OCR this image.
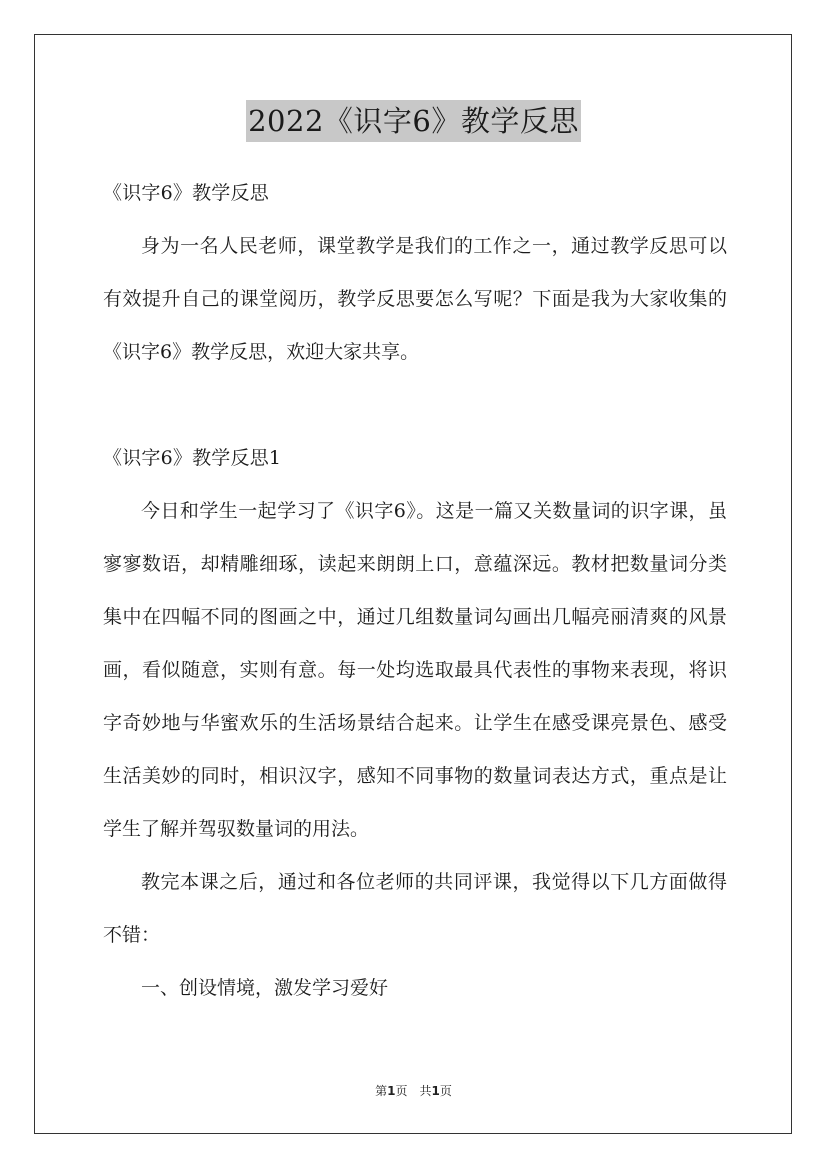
2022《识字6》教学反思

《识字6》教学反思

身为一名人民老师，课堂教学是我们的工作之一，通过教学反思可以有效提升自己的课堂阅历，教学反思要怎么写呢？下面是我为大家收集的《识字6》教学反思，欢迎大家共享。

《识字6》教学反思1

今日和学生一起学习了《识字6》。这是一篇又关数量词的识字课，虽寥寥数语，却精雕细琢，读起来朗朗上口，意蕴深远。教材把数量词分类集中在四幅不同的图画之中，通过几组数量词勾画出几幅亮丽清爽的风景画，看似随意，实则有意。每一处均选取最具代表性的事物来表现，将识字奇妙地与华蜜欢乐的生活场景结合起来。让学生在感受课亮景色、感受生活美妙的同时，相识汉字，感知不同事物的数量词表达方式，重点是让学生了解并驾驭数量词的用法。

教完本课之后，通过和各位老师的共同评课，我觉得以下几方面做得不错：

一、创设情境，激发学习爱好

第1页　共1页
